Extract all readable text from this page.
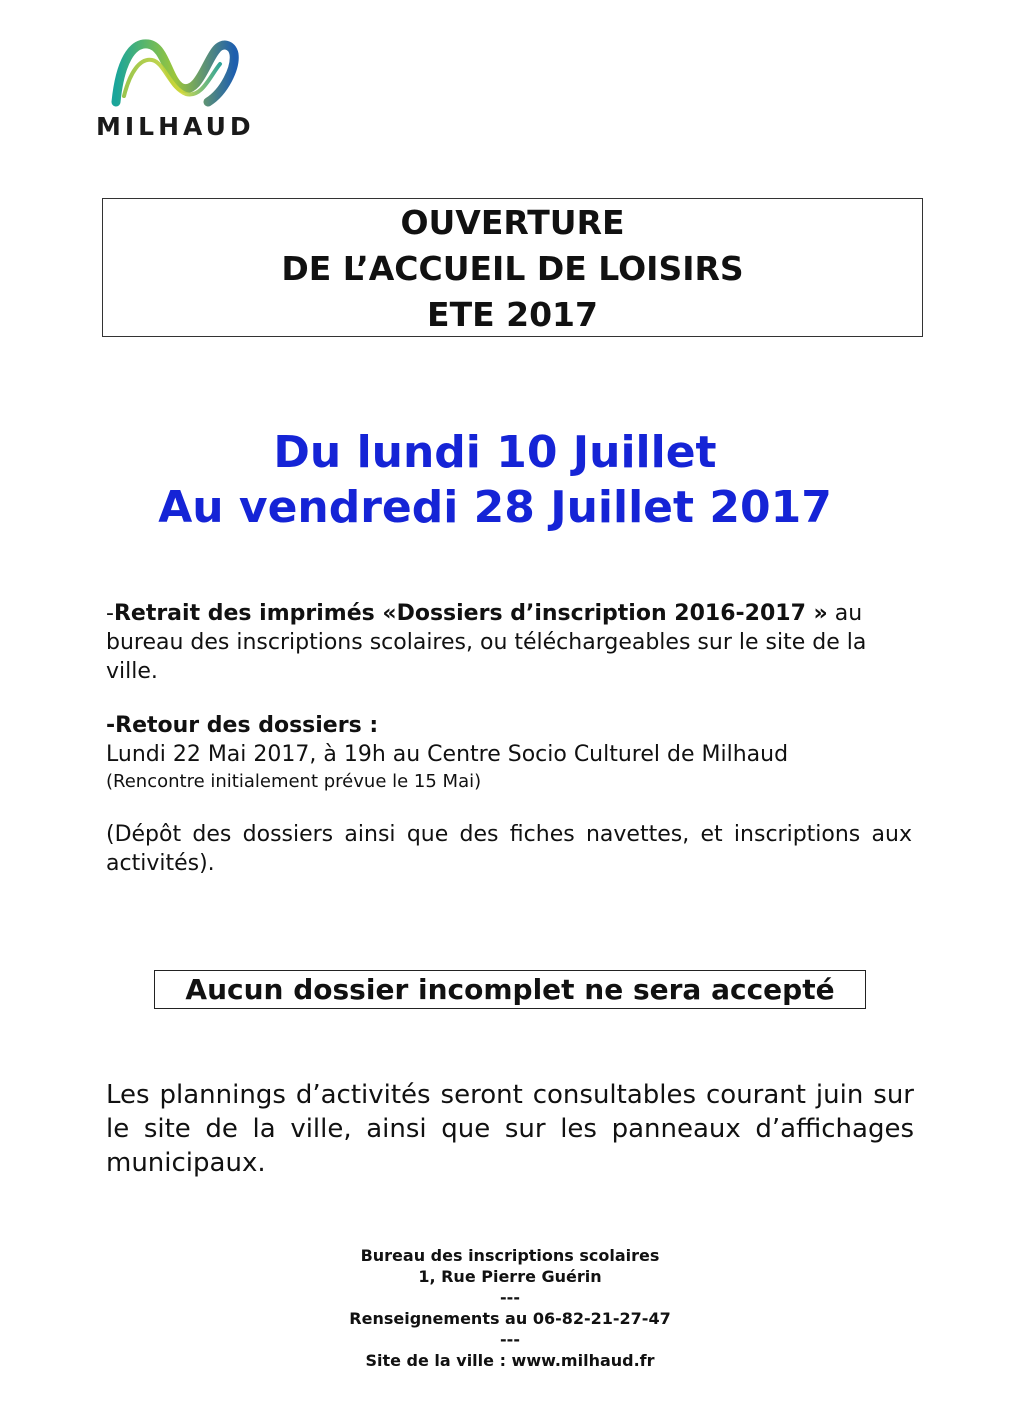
MILHAUD
OUVERTURE
DE L’ACCUEIL DE LOISIRS
ETE 2017
Du lundi 10 Juillet
Au vendredi 28 Juillet 2017
-Retrait des imprimés «Dossiers d’inscription 2016-2017 » au bureau des inscriptions scolaires, ou téléchargeables sur le site de la ville.
-Retour des dossiers :
Lundi 22 Mai 2017, à 19h au Centre Socio Culturel de Milhaud
(Rencontre initialement prévue le 15 Mai)
(Dépôt des dossiers ainsi que des fiches navettes, et inscriptions aux activités).
Aucun dossier incomplet ne sera accepté
Les plannings d’activités seront consultables courant juin sur le site de la ville, ainsi que sur les panneaux d’affichages municipaux.
Bureau des inscriptions scolaires
1, Rue Pierre Guérin
---
Renseignements au 06-82-21-27-47
---
Site de la ville : www.milhaud.fr
